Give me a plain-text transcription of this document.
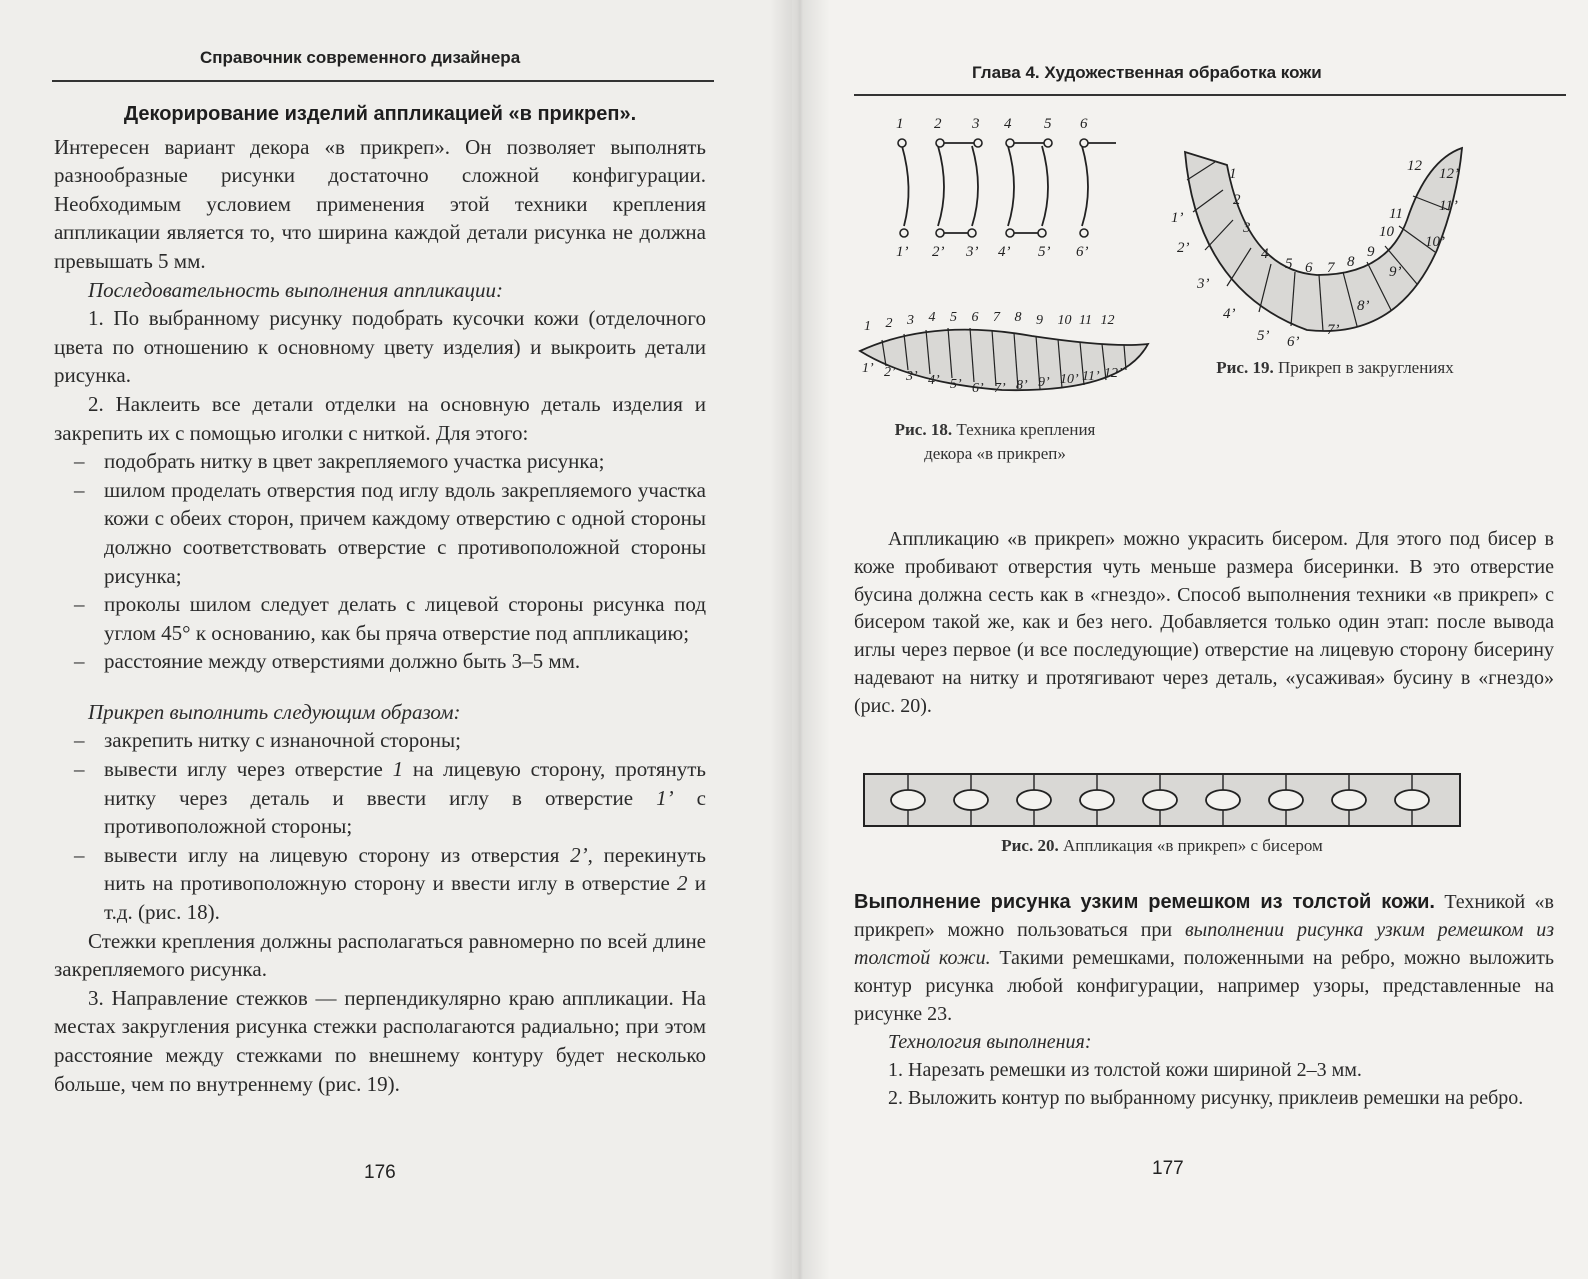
Справочник современного дизайнера

Декорирование изделий аппликацией «в прикреп».

Интересен вариант декора «в прикреп». Он позволяет выполнять разнообразные рисунки достаточно сложной конфигурации. Необходимым условием применения этой техники крепления аппликации является то, что ширина каждой детали рисунка не должна превышать 5 мм.

Последовательность выполнения аппликации:

1. По выбранному рисунку подобрать кусочки кожи (отделочного цвета по отношению к основному цвету изделия) и выкроить детали рисунка.

2. Наклеить все детали отделки на основную деталь изделия и закрепить их с помощью иголки с ниткой. Для этого:

– подобрать нитку в цвет закрепляемого участка рисунка;

– шилом проделать отверстия под иглу вдоль закрепляемого участка кожи с обеих сторон, причем каждому отверстию с одной стороны должно соответствовать отверстие с противоположной стороны рисунка;

– проколы шилом следует делать с лицевой стороны рисунка под углом 45° к основанию, как бы пряча отверстие под аппликацию;

– расстояние между отверстиями должно быть 3–5 мм.

Прикреп выполнить следующим образом:

– закрепить нитку с изнаночной стороны;

– вывести иглу через отверстие 1 на лицевую сторону, протянуть нитку через деталь и ввести иглу в отверстие 1’ с противоположной стороны;

– вывести иглу на лицевую сторону из отверстия 2’, перекинуть нить на противоположную сторону и ввести иглу в отверстие 2 и т.д. (рис. 18).

Стежки крепления должны располагаться равномерно по всей длине закрепляемого рисунка.

3. Направление стежков — перпендикулярно краю аппликации. На местах закругления рисунка стежки располагаются радиально; при этом расстояние между стежками по внешнему контуру будет несколько больше, чем по внутреннему (рис. 19).

176
Глава 4. Художественная обработка кожи
1 2 3 4 5 6
1’ 2’ 3’ 4’ 5’ 6’
1 2 3 4 5 6 7 8 9 10 11 12
1’ 2’ 3’ 4’ 5’ 6’ 7’ 8’ 9’ 10’ 11’ 12’
1
2
3
4
5 6 7 8
9
10
11
12
1’
2’
3’
4’
5’ 6’
7’
8’
9’
10’
11’
12’
Рис. 18. Техника крепления
декора «в прикреп»
Рис. 19. Прикреп в закруглениях

Аппликацию «в прикреп» можно украсить бисером. Для этого под бисер в коже пробивают отверстия чуть меньше размера бисеринки. В это отверстие бусина должна сесть как в «гнездо». Способ выполнения техники «в прикреп» с бисером такой же, как и без него. Добавляется только один этап: после вывода иглы через первое (и все последующие) отверстие на лицевую сторону бисерину надевают на нитку и протягивают через деталь, «усаживая» бусину в «гнездо» (рис. 20).

Рис. 20. Аппликация «в прикреп» с бисером

Выполнение рисунка узким ремешком из толстой кожи. Техникой «в прикреп» можно пользоваться при выполнении рисунка узким ремешком из толстой кожи. Такими ремешками, положенными на ребро, можно выложить контур рисунка любой конфигурации, например узоры, представленные на рисунке 23.

Технология выполнения:

1. Нарезать ремешки из толстой кожи шириной 2–3 мм.

2. Выложить контур по выбранному рисунку, приклеив ремешки на ребро.

177
